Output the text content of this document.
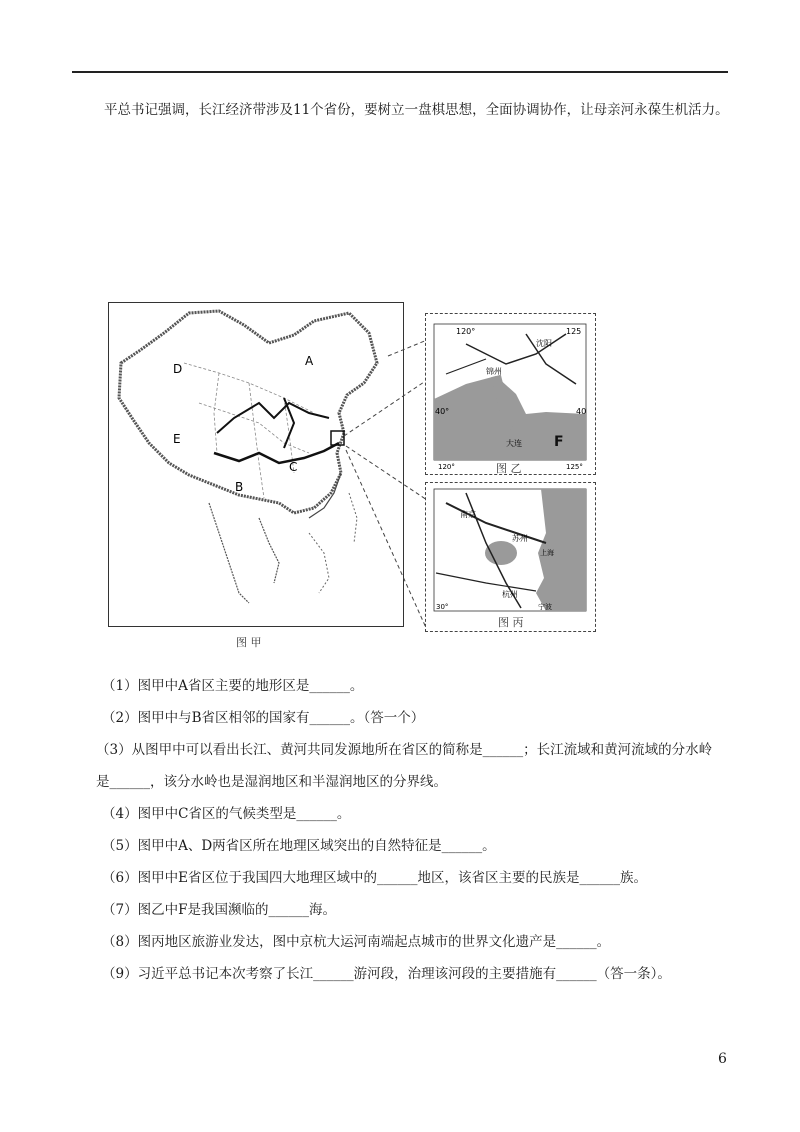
平总书记强调，长江经济带涉及11个省份，要树立一盘棋思想，全面协调协作，让母亲河永葆生机活力。
D
A
E
C
B
图 甲
120°	125
40°	40
120°	125°
沈阳
锦州
大连 F
图 乙
南京
苏州
上海
杭州
宁波
30°
图 丙
（1）图甲中A省区主要的地形区是______。
（2）图甲中与B省区相邻的国家有______。（答一个）
（3）从图甲中可以看出长江、黄河共同发源地所在省区的简称是______；长江流域和黄河流域的分水岭
是______，该分水岭也是湿润地区和半湿润地区的分界线。
（4）图甲中C省区的气候类型是______。
（5）图甲中A、D两省区所在地理区域突出的自然特征是______。
（6）图甲中E省区位于我国四大地理区域中的______地区，该省区主要的民族是______族。
（7）图乙中F是我国濒临的______海。
（8）图丙地区旅游业发达，图中京杭大运河南端起点城市的世界文化遗产是______。
（9）习近平总书记本次考察了长江______游河段，治理该河段的主要措施有______（答一条）。
6
